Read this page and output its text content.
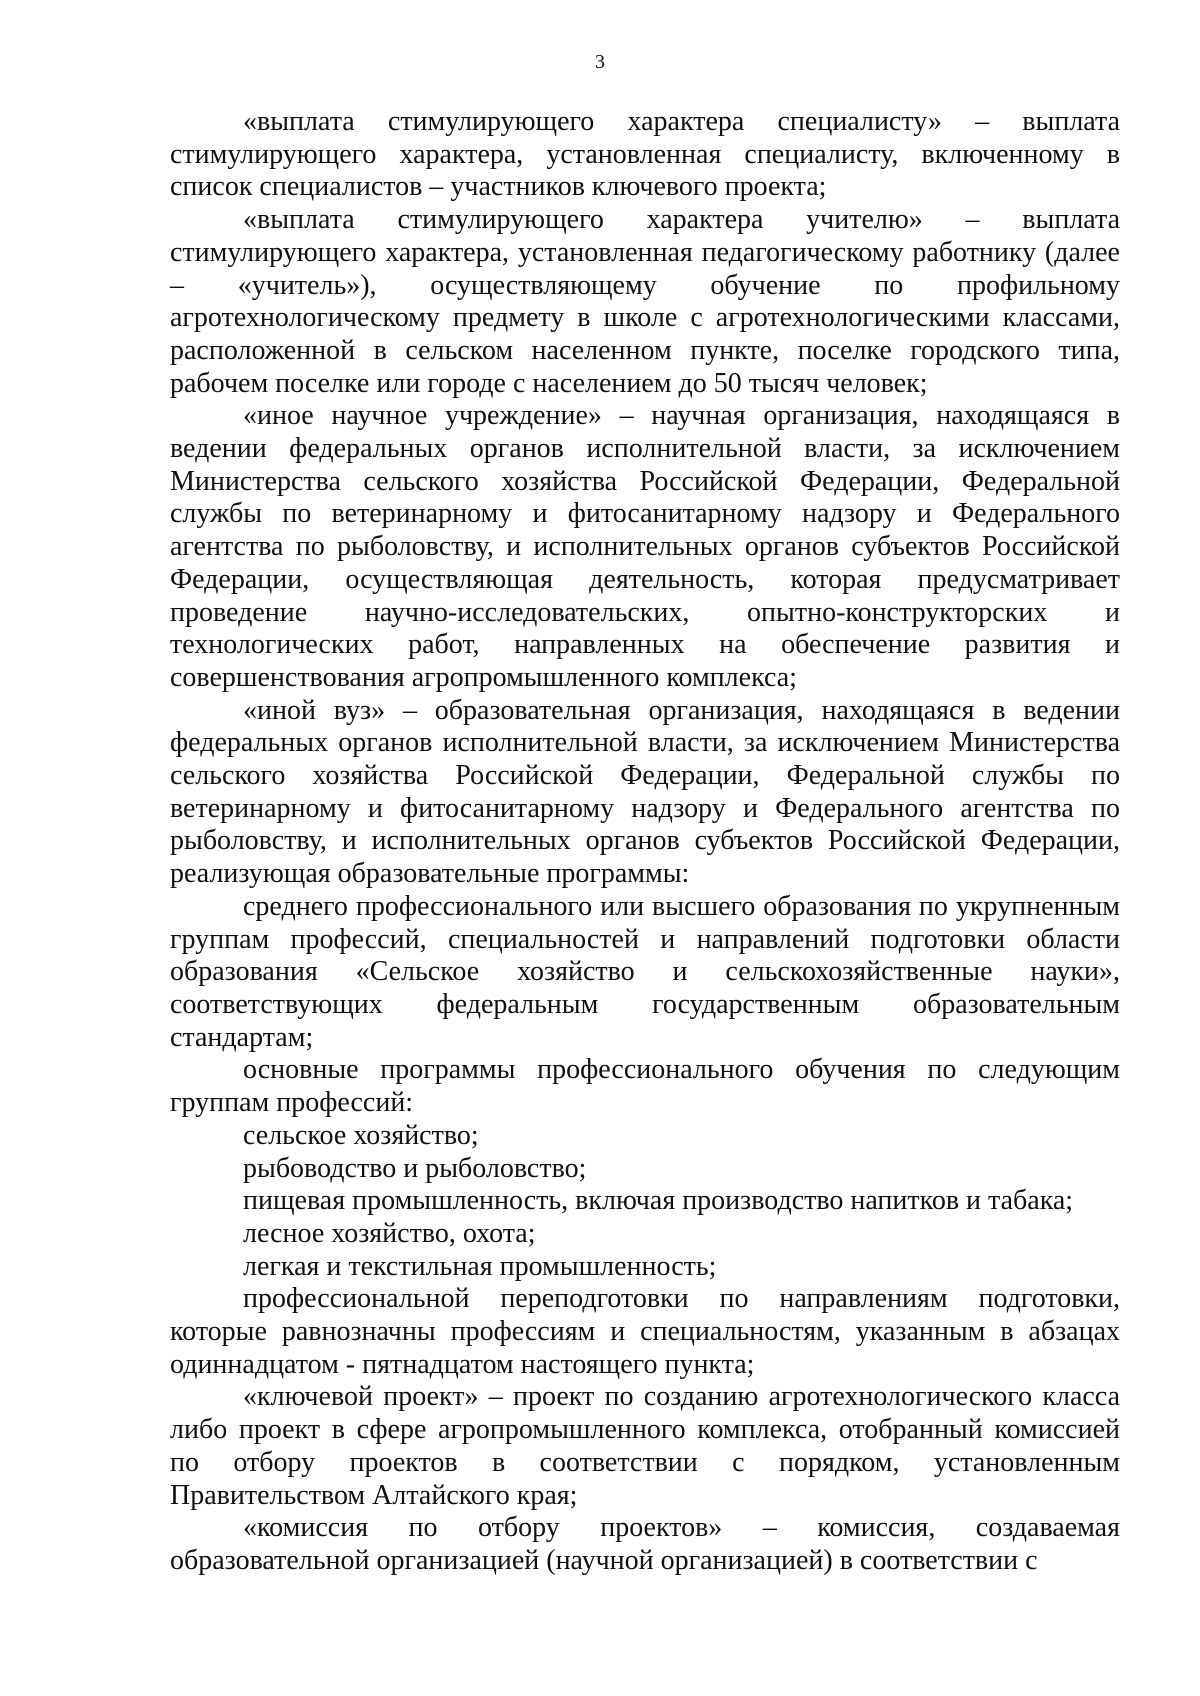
3

«выплата стимулирующего характера специалисту» – выплата стимулирующего характера, установленная специалисту, включенному в список специалистов – участников ключевого проекта;

«выплата стимулирующего характера учителю» – выплата стимулирующего характера, установленная педагогическому работнику (далее – «учитель»), осуществляющему обучение по профильному агротехнологическому предмету в школе с агротехнологическими классами, расположенной в сельском населенном пункте, поселке городского типа, рабочем поселке или городе с населением до 50 тысяч человек;

«иное научное учреждение» – научная организация, находящаяся в ведении федеральных органов исполнительной власти, за исключением Министерства сельского хозяйства Российской Федерации, Федеральной службы по ветеринарному и фитосанитарному надзору и Федерального агентства по рыболовству, и исполнительных органов субъектов Российской Федерации, осуществляющая деятельность, которая предусматривает проведение научно-исследовательских, опытно-конструкторских и технологических работ, направленных на обеспечение развития и совершенствования агропромышленного комплекса;

«иной вуз» – образовательная организация, находящаяся в ведении федеральных органов исполнительной власти, за исключением Министерства сельского хозяйства Российской Федерации, Федеральной службы по ветеринарному и фитосанитарному надзору и Федерального агентства по рыболовству, и исполнительных органов субъектов Российской Федерации, реализующая образовательные программы:

среднего профессионального или высшего образования по укрупненным группам профессий, специальностей и направлений подготовки области образования «Сельское хозяйство и сельскохозяйственные науки», соответствующих федеральным государственным образовательным стандартам;

основные программы профессионального обучения по следующим группам профессий:

сельское хозяйство;

рыбоводство и рыболовство;

пищевая промышленность, включая производство напитков и табака;

лесное хозяйство, охота;

легкая и текстильная промышленность;

профессиональной переподготовки по направлениям подготовки, которые равнозначны профессиям и специальностям, указанным в абзацах одиннадцатом - пятнадцатом настоящего пункта;

«ключевой проект» – проект по созданию агротехнологического класса либо проект в сфере агропромышленного комплекса, отобранный комиссией по отбору проектов в соответствии с порядком, установленным Правительством Алтайского края;

«комиссия по отбору проектов» – комиссия, создаваемая образовательной организацией (научной организацией) в соответствии с
